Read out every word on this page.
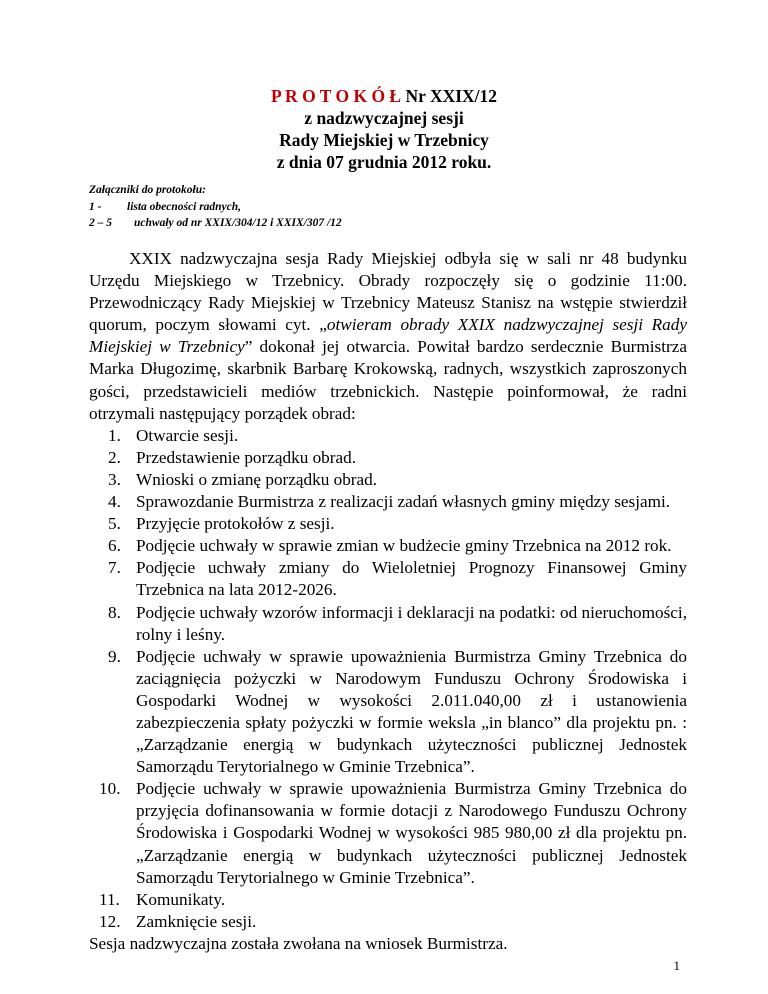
P R O T O K Ó Ł Nr XXIX/12
z nadzwyczajnej sesji
Rady Miejskiej w Trzebnicy
z dnia 07 grudnia 2012 roku.
Załączniki do protokołu:
1 - lista obecności radnych,
2 – 5 uchwały od nr XXIX/304/12 i XXIX/307 /12

XXIX nadzwyczajna sesja Rady Miejskiej odbyła się w sali nr 48 budynku Urzędu Miejskiego w Trzebnicy. Obrady rozpoczęły się o godzinie 11:00. Przewodniczący Rady Miejskiej w Trzebnicy Mateusz Stanisz na wstępie stwierdził quorum, poczym słowami cyt. „otwieram obrady XXIX nadzwyczajnej sesji Rady Miejskiej w Trzebnicy” dokonał jej otwarcia. Powitał bardzo serdecznie Burmistrza Marka Długozimę, skarbnik Barbarę Krokowską, radnych, wszystkich zaproszonych gości, przedstawicieli mediów trzebnickich. Następie poinformował, że radni otrzymali następujący porządek obrad:

1. Otwarcie sesji.
2. Przedstawienie porządku obrad.
3. Wnioski o zmianę porządku obrad.
4. Sprawozdanie Burmistrza z realizacji zadań własnych gminy między sesjami.
5. Przyjęcie protokołów z sesji.
6. Podjęcie uchwały w sprawie zmian w budżecie gminy Trzebnica na 2012 rok.
7. Podjęcie uchwały zmiany do Wieloletniej Prognozy Finansowej Gminy Trzebnica na lata 2012-2026.
8. Podjęcie uchwały wzorów informacji i deklaracji na podatki: od nieruchomości, rolny i leśny.
9. Podjęcie uchwały w sprawie upoważnienia Burmistrza Gminy Trzebnica do zaciągnięcia pożyczki w Narodowym Funduszu Ochrony Środowiska i Gospodarki Wodnej w wysokości 2.011.040,00 zł i ustanowienia zabezpieczenia spłaty pożyczki w formie weksla „in blanco” dla projektu pn. : „Zarządzanie energią w budynkach użyteczności publicznej Jednostek Samorządu Terytorialnego w Gminie Trzebnica”.
10. Podjęcie uchwały w sprawie upoważnienia Burmistrza Gminy Trzebnica do przyjęcia dofinansowania w formie dotacji z Narodowego Funduszu Ochrony Środowiska i Gospodarki Wodnej w wysokości 985 980,00 zł dla projektu pn. „Zarządzanie energią w budynkach użyteczności publicznej Jednostek Samorządu Terytorialnego w Gminie Trzebnica”.
11. Komunikaty.
12. Zamknięcie sesji.

Sesja nadzwyczajna została zwołana na wniosek Burmistrza.

1
